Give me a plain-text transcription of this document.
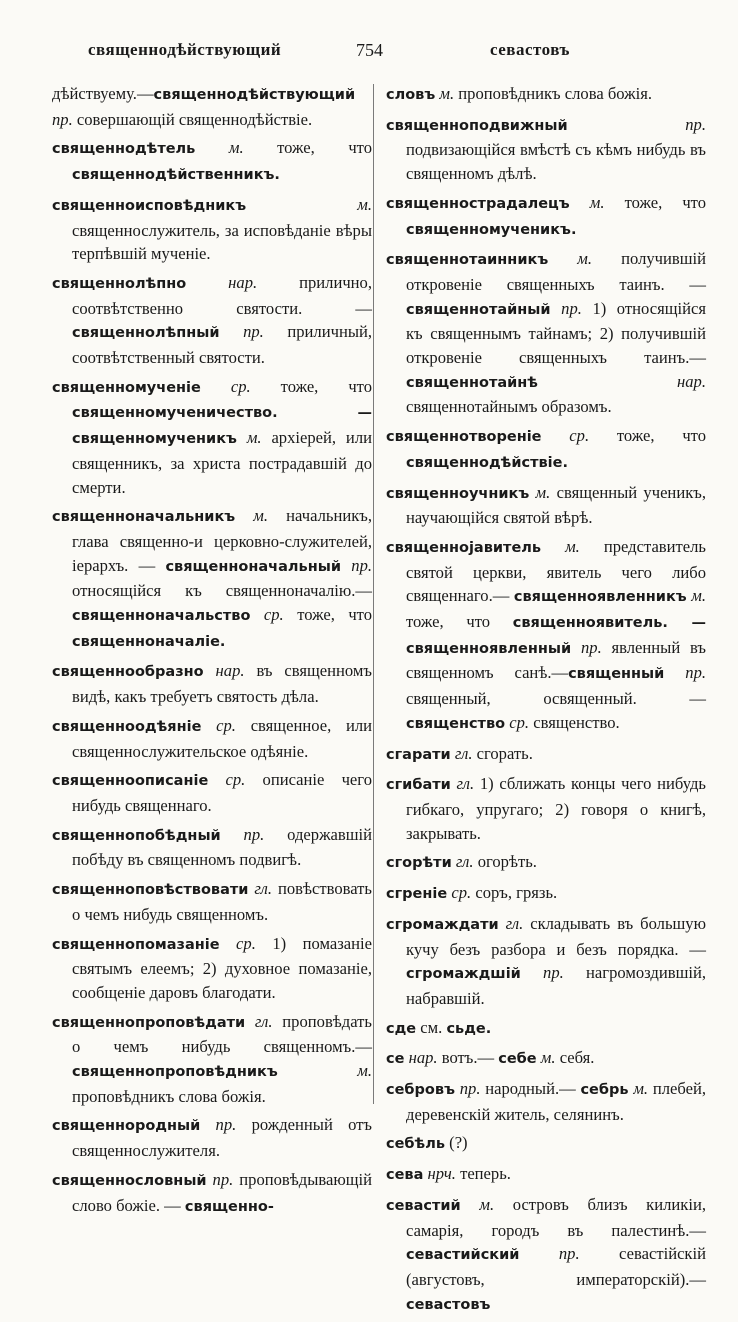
священнодѣйствующий	754	севастовъ

дѣйствуему.—священнодѣйствующий пр. совершающій священнодѣйствіе.

священнодѣтель м. тоже, что священнодѣйственникъ.

священноисповѣдникъ м. священнослужитель, за исповѣданіе вѣры терпѣвшій мученіе.

священнолѣпно нар. прилично, соотвѣтственно святости. — священнолѣпный пр. приличный, соотвѣтственный святости.

священномученіе ср. тоже, что священномученичество. — священномученикъ м. архіерей, или священникъ, за христа пострадавшій до смерти.

священноначальникъ м. начальникъ, глава священно-и церковно-служителей, іерархъ. — священноначальный пр. относящійся къ священноначалію.—священноначальство ср. тоже, что священноначаліе.

священнообразно нар. въ священномъ видѣ, какъ требуетъ святость дѣла.

священноодѣяніе ср. священное, или священнослужительское одѣяніе.

священноописаніе ср. описаніе чего нибудь священнаго.

священнопобѣдный пр. одержавшій побѣду въ священномъ подвигѣ.

священноповѣствовати гл. повѣствовать о чемъ нибудь священномъ.

священнопомазаніе ср. 1) помазаніе святымъ елеемъ; 2) духовное помазаніе, сообщеніе даровъ благодати.

священнопроповѣдати гл. проповѣдать о чемъ нибудь священномъ.— священнопроповѣдникъ м. проповѣдникъ слова божія.

священнородный пр. рожденный отъ священнослужителя.

священнословный пр. проповѣдывающій слово божіе. — священно-

словъ м. проповѣдникъ слова божія.

священноподвижный пр. подвизающійся вмѣстѣ съ кѣмъ нибудь въ священномъ дѣлѣ.

священнострадалецъ м. тоже, что священномученикъ.

священнотаинникъ м. получившій откровеніе священныхъ таинъ. — священнотайный пр. 1) относящійся къ священнымъ тайнамъ; 2) получившій откровеніе священныхъ таинъ.—священнотайнѣ нар. священнотайнымъ образомъ.

священнотвореніе ср. тоже, что священнодѣйствіе.

священноучникъ м. священный ученикъ, научающійся святой вѣрѣ.

священнојавитель м. представитель святой церкви, явитель чего либо священнаго.— священноявленникъ м. тоже, что священноявитель. — священноявленный пр. явленный въ священномъ санѣ.—священный пр. священный, освященный. — священство ср. священство.

сгарати гл. сгорать.

сгибати гл. 1) сближать концы чего нибудь гибкаго, упругаго; 2) говоря о книгѣ, закрывать.

сгорѣти гл. огорѣть.

сгреніе ср. соръ, грязь.

сгромаждати гл. складывать въ большую кучу безъ разбора и безъ порядка. — сгромаждшій пр. нагромоздившій, набравшій.

сде см. сьде.

се нар. вотъ.— себе м. себя.

себровъ пр. народный.— себрь м. плебей, деревенскій житель, селянинъ.

себѣль (?)

сева нрч. теперь.

севастий м. островъ близъ киликіи, самарія, городъ въ палестинѣ.— севастийский пр. севастійскій (августовъ, императорскій).— севастовъ
